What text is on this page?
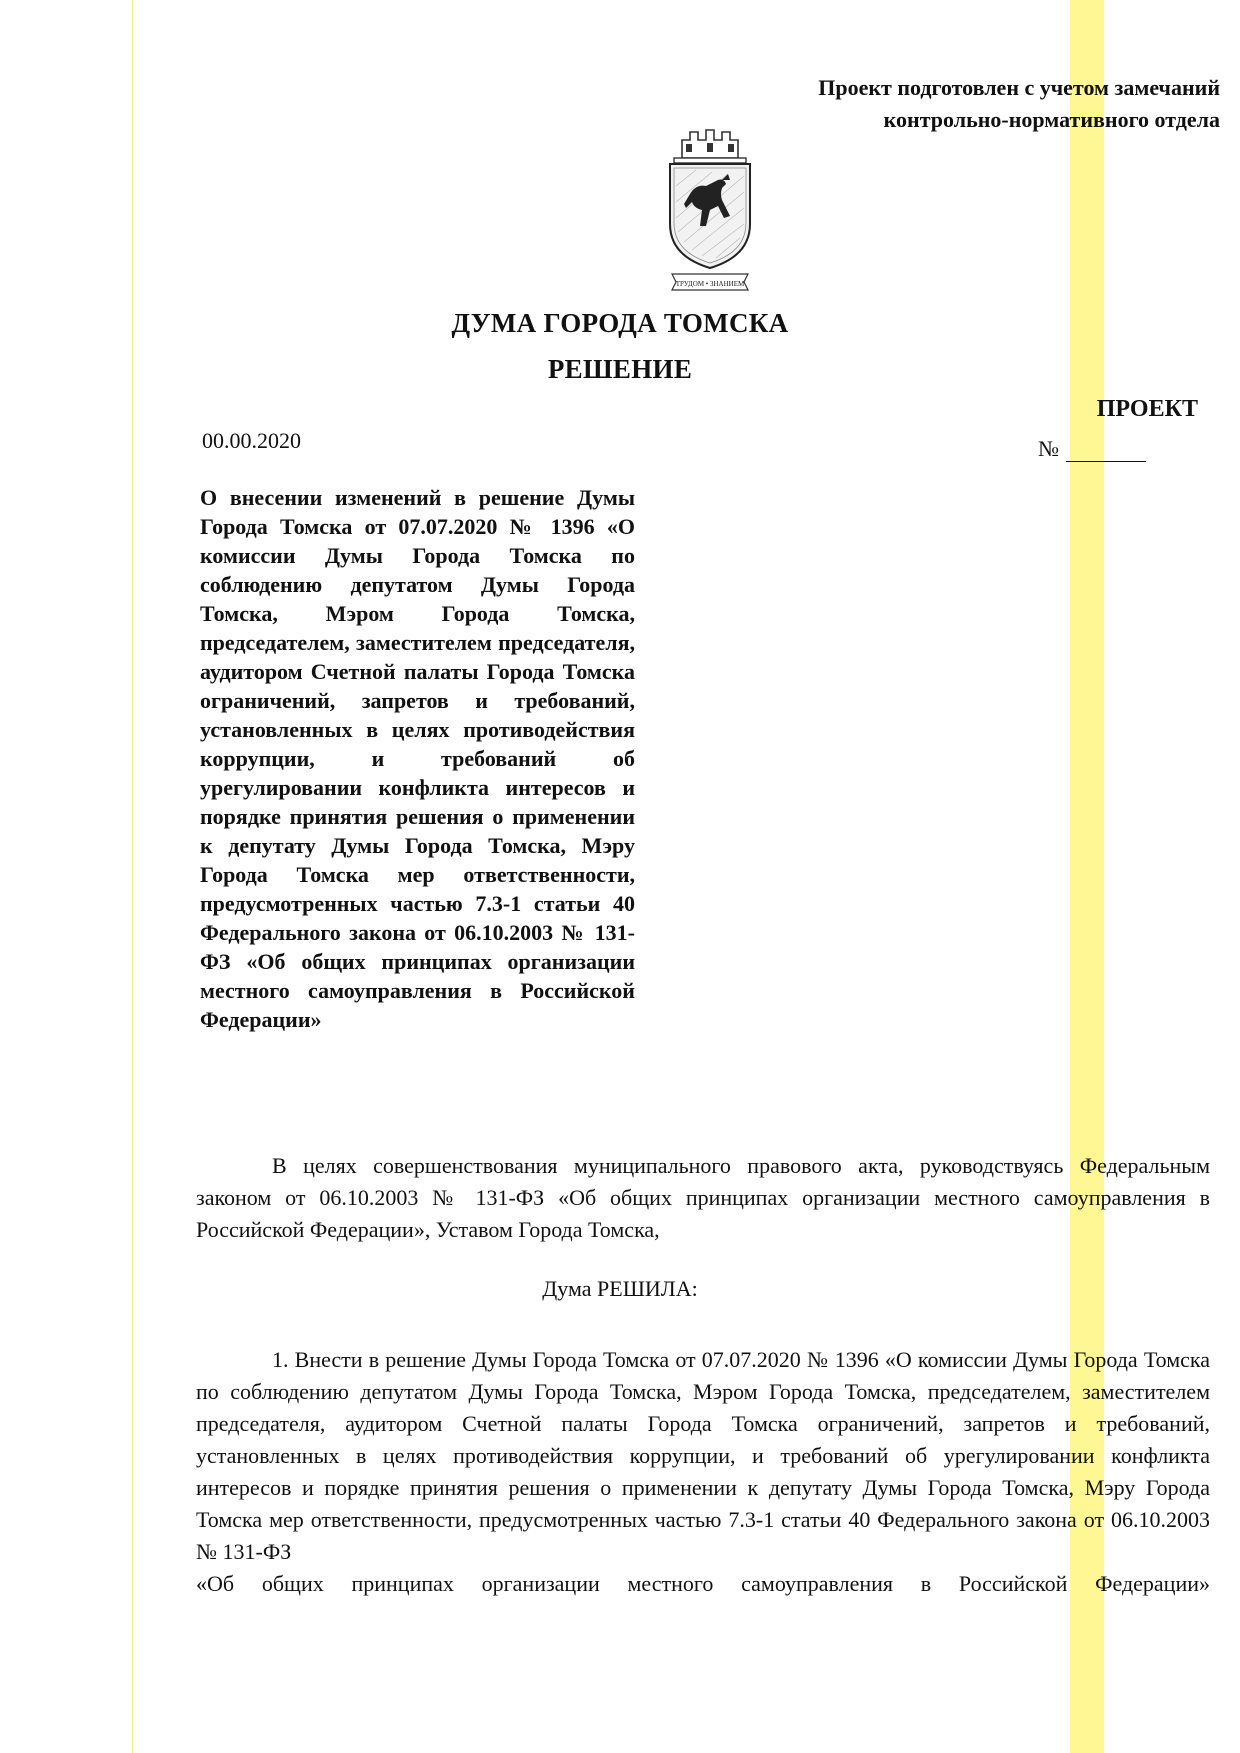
Проект подготовлен с учетом замечаний
контрольно-нормативного отдела
ТРУДОМ • ЗНАНИЕМ
ДУМА ГОРОДА ТОМСКА
РЕШЕНИЕ
ПРОЕКТ
00.00.2020	№
О внесении изменений в решение Думы Города Томска от 07.07.2020 № 1396 «О комиссии Думы Города Томска по соблюдению депутатом Думы Города Томска, Мэром Города Томска, председателем, заместителем председателя, аудитором Счетной палаты Города Томска ограничений, запретов и требований, установленных в целях противодействия коррупции, и требований об урегулировании конфликта интересов и порядке принятия решения о применении к депутату Думы Города Томска, Мэру Города Томска мер ответственности, предусмотренных частью 7.3-1 статьи 40 Федерального закона от 06.10.2003 № 131-ФЗ «Об общих принципах организации местного самоуправления в Российской Федерации»
В целях совершенствования муниципального правового акта, руководствуясь Федеральным законом от 06.10.2003 № 131-ФЗ «Об общих принципах организации местного самоуправления в Российской Федерации», Уставом Города Томска,
Дума РЕШИЛА:
1. Внести в решение Думы Города Томска от 07.07.2020 № 1396 «О комиссии Думы Города Томска по соблюдению депутатом Думы Города Томска, Мэром Города Томска, председателем, заместителем председателя, аудитором Счетной палаты Города Томска ограничений, запретов и требований, установленных в целях противодействия коррупции, и требований об урегулировании конфликта интересов и порядке принятия решения о применении к депутату Думы Города Томска, Мэру Города Томска мер ответственности, предусмотренных частью 7.3-1 статьи 40 Федерального закона от 06.10.2003 № 131-ФЗ
«Об общих принципах организации местного самоуправления в Российской Федерации»
